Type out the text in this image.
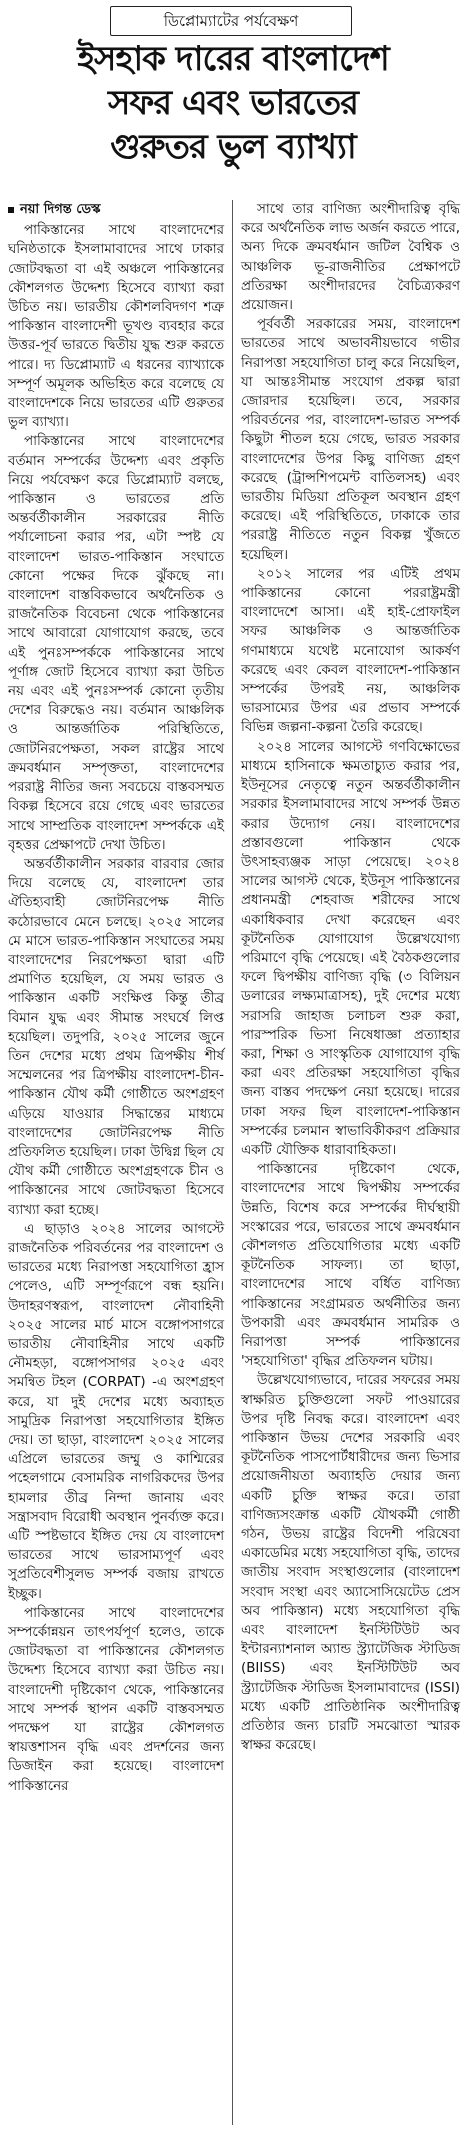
ডিপ্লোম্যাটের পর্যবেক্ষণ
ইসহাক দারের বাংলাদেশ
সফর এবং ভারতের
গুরুতর ভুল ব্যাখ্যা
নয়া দিগন্ত ডেস্ক

পাকিস্তানের সাথে বাংলাদেশের ঘনিষ্ঠতাকে ইসলামাবাদের সাথে ঢাকার জোটবদ্ধতা বা এই অঞ্চলে পাকিস্তানের কৌশলগত উদ্দেশ্য হিসেবে ব্যাখ্যা করা উচিত নয়। ভারতীয় কৌশলবিদগণ শত্রু পাকিস্তান বাংলাদেশী ভূখণ্ড ব্যবহার করে উত্তর-পূর্ব ভারতে দ্বিতীয় যুদ্ধ শুরু করতে পারে। দ্য ডিপ্লোম্যাট এ ধরনের ব্যাখ্যাকে সম্পূর্ণ অমূলক অভিহিত করে বলেছে যে বাংলাদেশকে নিয়ে ভারতের এটি গুরুতর ভুল ব্যাখ্যা।

পাকিস্তানের সাথে বাংলাদেশের বর্তমান সম্পর্কের উদ্দেশ্য এবং প্রকৃতি নিয়ে পর্যবেক্ষণ করে ডিপ্লোম্যাট বলছে, পাকিস্তান ও ভারতের প্রতি অন্তর্বর্তীকালীন সরকারের নীতি পর্যালোচনা করার পর, এটা স্পষ্ট যে বাংলাদেশ ভারত-পাকিস্তান সংঘাতে কোনো পক্ষের দিকে ঝুঁকছে না। বাংলাদেশ বাস্তবিকভাবে অর্থনৈতিক ও রাজনৈতিক বিবেচনা থেকে পাকিস্তানের সাথে আবারো যোগাযোগ করছে, তবে এই পুনঃসম্পর্ককে পাকিস্তানের সাথে পূর্ণাঙ্গ জোট হিসেবে ব্যাখ্যা করা উচিত নয় এবং এই পুনঃসম্পর্ক কোনো তৃতীয় দেশের বিরুদ্ধেও নয়। বর্তমান আঞ্চলিক ও আন্তর্জাতিক পরিস্থিতিতে, জোটনিরপেক্ষতা, সকল রাষ্ট্রের সাথে ক্রমবর্ধমান সম্পৃক্ততা, বাংলাদেশের পররাষ্ট্র নীতির জন্য সবচেয়ে বাস্তবসম্মত বিকল্প হিসেবে রয়ে গেছে এবং ভারতের সাথে সাম্প্রতিক বাংলাদেশ সম্পর্ককে এই বৃহত্তর প্রেক্ষাপটে দেখা উচিত।

অন্তর্বর্তীকালীন সরকার বারবার জোর দিয়ে বলেছে যে, বাংলাদেশ তার ঐতিহ্যবাহী জোটনিরপেক্ষ নীতি কঠোরভাবে মেনে চলছে। ২০২৫ সালের মে মাসে ভারত-পাকিস্তান সংঘাতের সময় বাংলাদেশের নিরপেক্ষতা দ্বারা এটি প্রমাণিত হয়েছিল, যে সময় ভারত ও পাকিস্তান একটি সংক্ষিপ্ত কিন্তু তীব্র বিমান যুদ্ধ এবং সীমান্ত সংঘর্ষে লিপ্ত হয়েছিল। তদুপরি, ২০২৫ সালের জুনে তিন দেশের মধ্যে প্রথম ত্রিপক্ষীয় শীর্ষ সম্মেলনের পর ত্রিপক্ষীয় বাংলাদেশ-চীন-পাকিস্তান যৌথ কর্মী গোষ্ঠীতে অংশগ্রহণ এড়িয়ে যাওয়ার সিদ্ধান্তের মাধ্যমে বাংলাদেশের জোটনিরপেক্ষ নীতি প্রতিফলিত হয়েছিল। ঢাকা উদ্বিগ্ন ছিল যে যৌথ কর্মী গোষ্ঠীতে অংশগ্রহণকে চীন ও পাকিস্তানের সাথে জোটবদ্ধতা হিসেবে ব্যাখ্যা করা হচ্ছে।

এ ছাড়াও ২০২৪ সালের আগস্টে রাজনৈতিক পরিবর্তনের পর বাংলাদেশ ও ভারতের মধ্যে নিরাপত্তা সহযোগিতা হ্রাস পেলেও, এটি সম্পূর্ণরূপে বন্ধ হয়নি। উদাহরণস্বরূপ, বাংলাদেশ নৌবাহিনী ২০২৫ সালের মার্চ মাসে বঙ্গোপসাগরে ভারতীয় নৌবাহিনীর সাথে একটি নৌমহড়া, বঙ্গোপসাগর ২০২৫ এবং সমন্বিত টহল (CORPAT) -এ অংশগ্রহণ করে, যা দুই দেশের মধ্যে অব্যাহত সামুদ্রিক নিরাপত্তা সহযোগিতার ইঙ্গিত দেয়। তা ছাড়া, বাংলাদেশ ২০২৫ সালের এপ্রিলে ভারতের জম্মু ও কাশ্মিরের পহেলগামে বেসামরিক নাগরিকদের উপর হামলার তীব্র নিন্দা জানায় এবং সন্ত্রাসবাদ বিরোধী অবস্থান পুনর্ব্যক্ত করে। এটি স্পষ্টভাবে ইঙ্গিত দেয় যে বাংলাদেশ ভারতের সাথে ভারসাম্যপূর্ণ এবং সুপ্রতিবেশীসুলভ সম্পর্ক বজায় রাখতে ইচ্ছুক।

পাকিস্তানের সাথে বাংলাদেশের সম্পর্কোন্নয়ন তাৎপর্যপূর্ণ হলেও, তাকে জোটবদ্ধতা বা পাকিস্তানের কৌশলগত উদ্দেশ্য হিসেবে ব্যাখ্যা করা উচিত নয়। বাংলাদেশী দৃষ্টিকোণ থেকে, পাকিস্তানের সাথে সম্পর্ক স্থাপন একটি বাস্তবসম্মত পদক্ষেপ যা রাষ্ট্রের কৌশলগত স্বায়ত্তশাসন বৃদ্ধি এবং প্রদর্শনের জন্য ডিজাইন করা হয়েছে। বাংলাদেশ পাকিস্তানের

সাথে তার বাণিজ্য অংশীদারিত্ব বৃদ্ধি করে অর্থনৈতিক লাভ অর্জন করতে পারে, অন্য দিকে ক্রমবর্ধমান জটিল বৈশ্বিক ও আঞ্চলিক ভূ-রাজনীতির প্রেক্ষাপটে প্রতিরক্ষা অংশীদারদের বৈচিত্র্যকরণ প্রয়োজন।

পূর্ববর্তী সরকারের সময়, বাংলাদেশ ভারতের সাথে অভাবনীয়ভাবে গভীর নিরাপত্তা সহযোগিতা চালু করে নিয়েছিল, যা আন্তঃসীমান্ত সংযোগ প্রকল্প দ্বারা জোরদার হয়েছিল। তবে, সরকার পরিবর্তনের পর, বাংলাদেশ-ভারত সম্পর্ক কিছুটা শীতল হয়ে গেছে, ভারত সরকার বাংলাদেশের উপর কিছু বাণিজ্য গ্রহণ করেছে (ট্রান্সশিপমেন্ট বাতিলসহ) এবং ভারতীয় মিডিয়া প্রতিকূল অবস্থান গ্রহণ করেছে। এই পরিস্থিতিতে, ঢাকাকে তার পররাষ্ট্র নীতিতে নতুন বিকল্প খুঁজতে হয়েছিল।

২০১২ সালের পর এটিই প্রথম পাকিস্তানের কোনো পররাষ্ট্রমন্ত্রী বাংলাদেশে আসা। এই হাই-প্রোফাইল সফর আঞ্চলিক ও আন্তর্জাতিক গণমাধ্যমে যথেষ্ট মনোযোগ আকর্ষণ করেছে এবং কেবল বাংলাদেশ-পাকিস্তান সম্পর্কের উপরই নয়, আঞ্চলিক ভারসাম্যের উপর এর প্রভাব সম্পর্কে বিভিন্ন জল্পনা-কল্পনা তৈরি করেছে।

২০২৪ সালের আগস্টে গণবিক্ষোভের মাধ্যমে হাসিনাকে ক্ষমতাচ্যুত করার পর, ইউনূসের নেতৃত্বে নতুন অন্তর্বর্তীকালীন সরকার ইসলামাবাদের সাথে সম্পর্ক উন্নত করার উদ্যোগ নেয়। বাংলাদেশের প্রস্তাবগুলো পাকিস্তান থেকে উৎসাহব্যঞ্জক সাড়া পেয়েছে। ২০২৪ সালের আগস্ট থেকে, ইউনূস পাকিস্তানের প্রধানমন্ত্রী শেহবাজ শরীফের সাথে একাধিকবার দেখা করেছেন এবং কূটনৈতিক যোগাযোগ উল্লেখযোগ্য পরিমাণে বৃদ্ধি পেয়েছে। এই বৈঠকগুলোর ফলে দ্বিপক্ষীয় বাণিজ্য বৃদ্ধি (৩ বিলিয়ন ডলারের লক্ষ্যমাত্রাসহ), দুই দেশের মধ্যে সরাসরি জাহাজ চলাচল শুরু করা, পারস্পরিক ভিসা নিষেধাজ্ঞা প্রত্যাহার করা, শিক্ষা ও সাংস্কৃতিক যোগাযোগ বৃদ্ধি করা এবং প্রতিরক্ষা সহযোগিতা বৃদ্ধির জন্য বাস্তব পদক্ষেপ নেয়া হয়েছে। দারের ঢাকা সফর ছিল বাংলাদেশ-পাকিস্তান সম্পর্কের চলমান স্বাভাবিকীকরণ প্রক্রিয়ার একটি যৌক্তিক ধারাবাহিকতা।

পাকিস্তানের দৃষ্টিকোণ থেকে, বাংলাদেশের সাথে দ্বিপক্ষীয় সম্পর্কের উন্নতি, বিশেষ করে সম্পর্কের দীর্ঘস্থায়ী সংস্কারের পরে, ভারতের সাথে ক্রমবর্ধমান কৌশলগত প্রতিযোগিতার মধ্যে একটি কূটনৈতিক সাফল্য। তা ছাড়া, বাংলাদেশের সাথে বর্ধিত বাণিজ্য পাকিস্তানের সংগ্রামরত অর্থনীতির জন্য উপকারী এবং ক্রমবর্ধমান সামরিক ও নিরাপত্তা সম্পর্ক পাকিস্তানের 'সহযোগিতা' বৃদ্ধির প্রতিফলন ঘটায়।

উল্লেখযোগ্যভাবে, দারের সফরের সময় স্বাক্ষরিত চুক্তিগুলো সফট পাওয়ারের উপর দৃষ্টি নিবদ্ধ করে। বাংলাদেশ এবং পাকিস্তান উভয় দেশের সরকারি এবং কূটনৈতিক পাসপোর্টধারীদের জন্য ভিসার প্রয়োজনীয়তা অব্যাহতি দেয়ার জন্য একটি চুক্তি স্বাক্ষর করে। তারা বাণিজ্যসংক্রান্ত একটি যৌথকর্মী গোষ্ঠী গঠন, উভয় রাষ্ট্রের বিদেশী পরিষেবা একাডেমির মধ্যে সহযোগিতা বৃদ্ধি, তাদের জাতীয় সংবাদ সংস্থাগুলোর (বাংলাদেশ সংবাদ সংস্থা এবং অ্যাসোসিয়েটেড প্রেস অব পাকিস্তান) মধ্যে সহযোগিতা বৃদ্ধি এবং বাংলাদেশ ইনস্টিটিউট অব ইন্টারন্যাশনাল অ্যান্ড স্ট্র্যাটেজিক স্টাডিজ (BIISS) এবং ইনস্টিটিউট অব স্ট্র্যাটেজিক স্টাডিজ ইসলামাবাদের (ISSI) মধ্যে একটি প্রাতিষ্ঠানিক অংশীদারিত্ব প্রতিষ্ঠার জন্য চারটি সমঝোতা স্মারক স্বাক্ষর করেছে।
